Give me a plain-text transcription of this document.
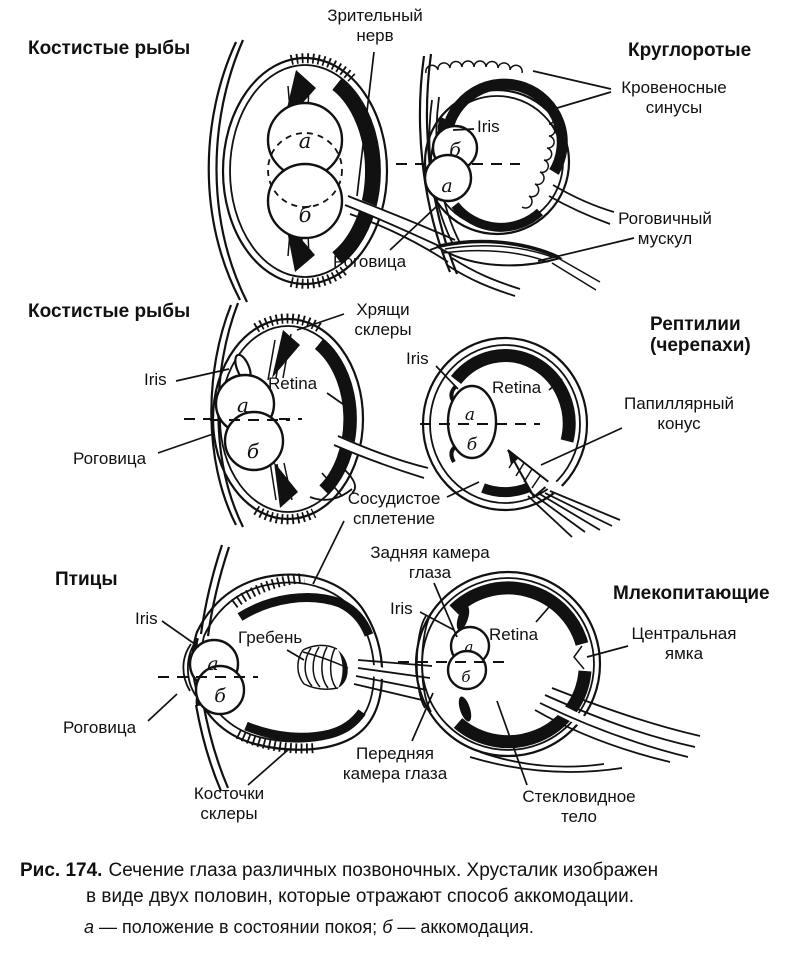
а
б
б
а
а
б
а
б
а
б
а
б
Костистые рыбы	Круглоротые
Костистые рыбы
Рептилии
(черепахи)
Птицы
Млекопитающие
Зрительный
нерв
Кровеносные
синусы
Роговичный
мускул
Iris
Роговица
Хрящи
склеры
Iris	Retina
Роговица
Iris
Retina
Папиллярный
конус
Сосудистое
сплетение
Задняя камера
глаза
Iris
Retina	Центральная
ямка
Iris
Гребень
Роговица
Косточки
склеры
Передняя
камера глаза
Стекловидное
тело
Рис. 174. Сечение глаза различных позвоночных. Хрусталик изображен
в виде двух половин, которые отражают способ аккомодации.
а — положение в состоянии покоя; б — аккомодация.
